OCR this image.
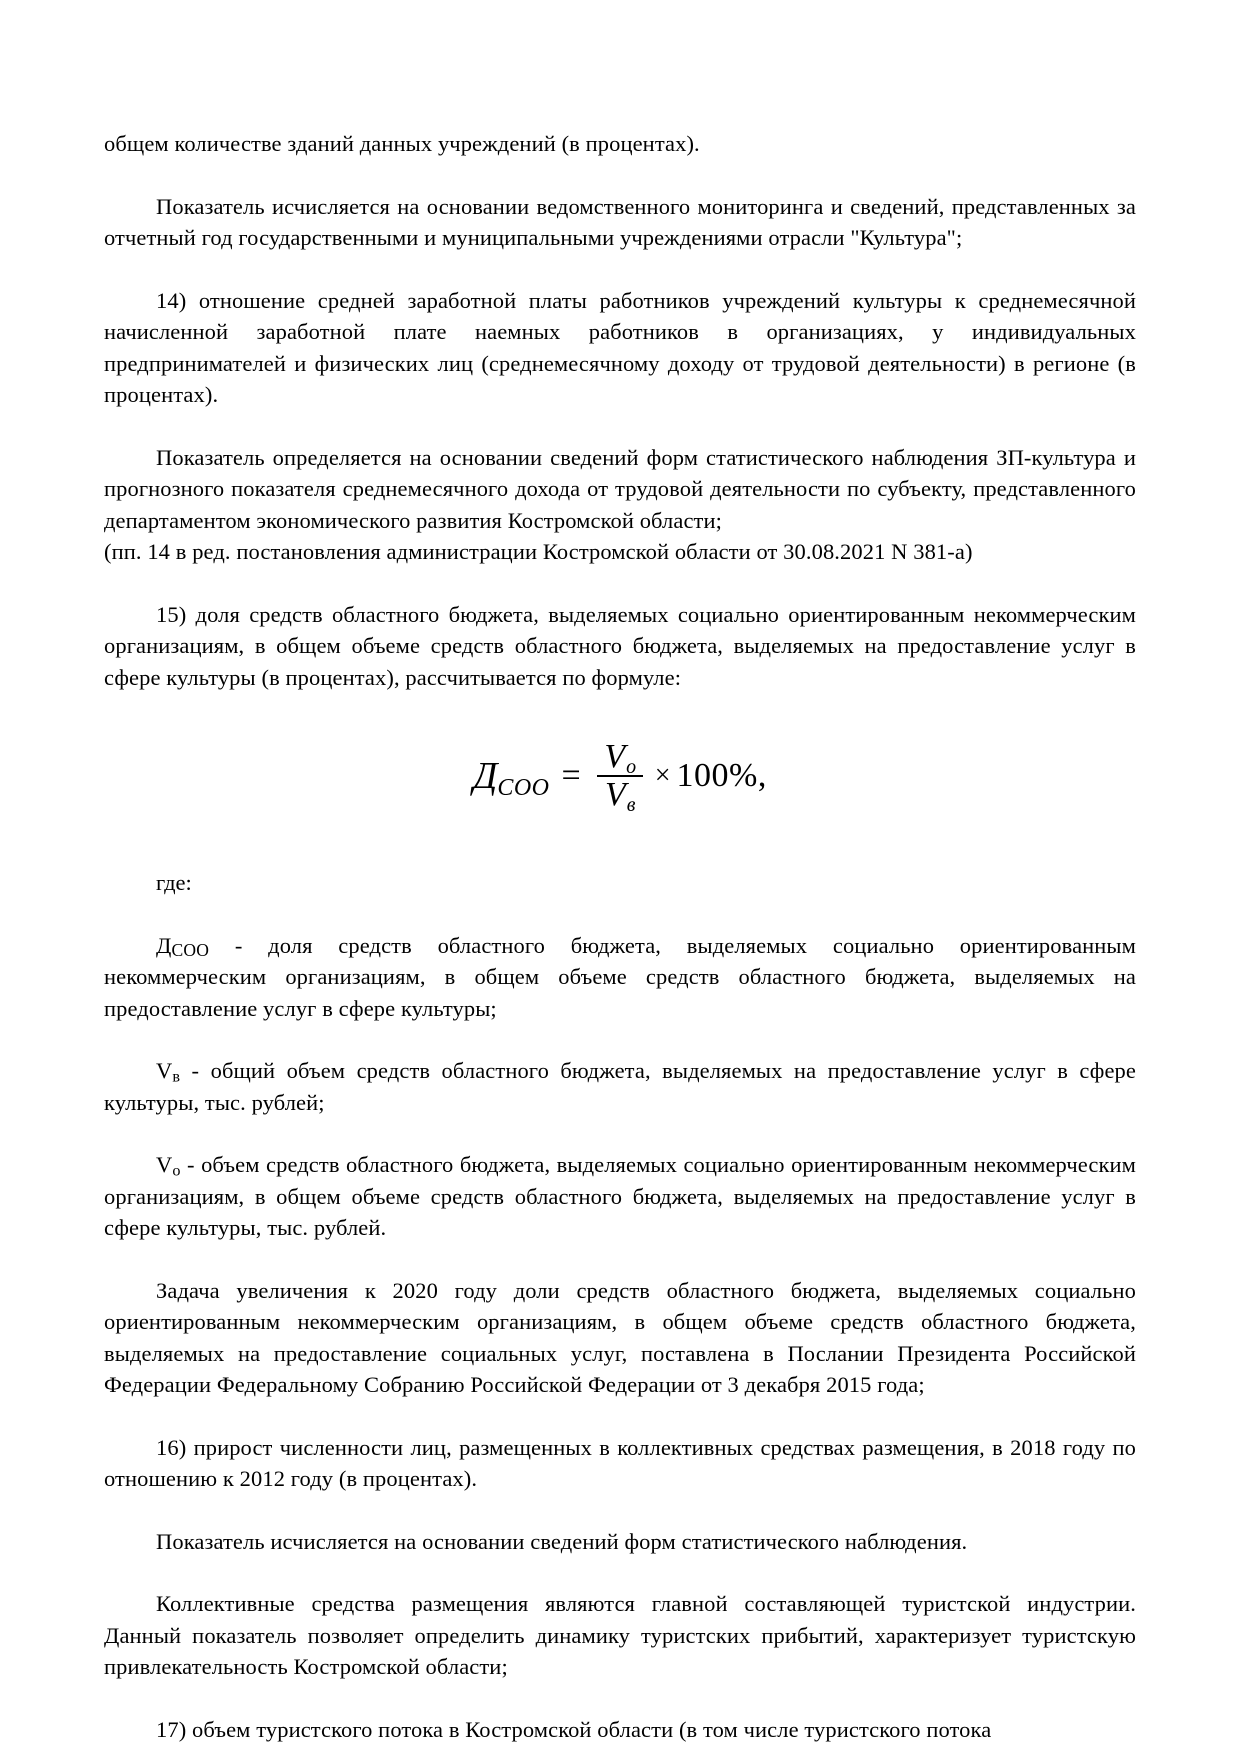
общем количестве зданий данных учреждений (в процентах).

Показатель исчисляется на основании ведомственного мониторинга и сведений, представленных за отчетный год государственными и муниципальными учреждениями отрасли "Культура";

14) отношение средней заработной платы работников учреждений культуры к среднемесячной начисленной заработной плате наемных работников в организациях, у индивидуальных предпринимателей и физических лиц (среднемесячному доходу от трудовой деятельности) в регионе (в процентах).

Показатель определяется на основании сведений форм статистического наблюдения ЗП-культура и прогнозного показателя среднемесячного дохода от трудовой деятельности по субъекту, представленного департаментом экономического развития Костромской области;

(пп. 14 в ред. постановления администрации Костромской области от 30.08.2021 N 381-а)

15) доля средств областного бюджета, выделяемых социально ориентированным некоммерческим организациям, в общем объеме средств областного бюджета, выделяемых на предоставление услуг в сфере культуры (в процентах), рассчитывается по формуле:

Д СОО = $\frac{\text{V о}}{\text{V в}} \times 100\%$,

где:

ДСОО - доля средств областного бюджета, выделяемых социально ориентированным некоммерческим организациям, в общем объеме средств областного бюджета, выделяемых на предоставление услуг в сфере культуры;

$V_в$ - общий объем средств областного бюджета, выделяемых на предоставление услуг в сфере культуры, тыс. рублей;

$V_о$ - объем средств областного бюджета, выделяемых социально ориентированным некоммерческим организациям, в общем объеме средств областного бюджета, выделяемых на предоставление услуг в сфере культуры, тыс. рублей.

Задача увеличения к 2020 году доли средств областного бюджета, выделяемых социально ориентированным некоммерческим организациям, в общем объеме средств областного бюджета, выделяемых на предоставление социальных услуг, поставлена в Послании Президента Российской Федерации Федеральному Собранию Российской Федерации от 3 декабря 2015 года;

16) прирост численности лиц, размещенных в коллективных средствах размещения, в 2018 году по отношению к 2012 году (в процентах).

Показатель исчисляется на основании сведений форм статистического наблюдения.

Коллективные средства размещения являются главной составляющей туристской индустрии. Данный показатель позволяет определить динамику туристских прибытий, характеризует туристскую привлекательность Костромской области;

17) объем туристского потока в Костромской области (в том числе туристского потока
